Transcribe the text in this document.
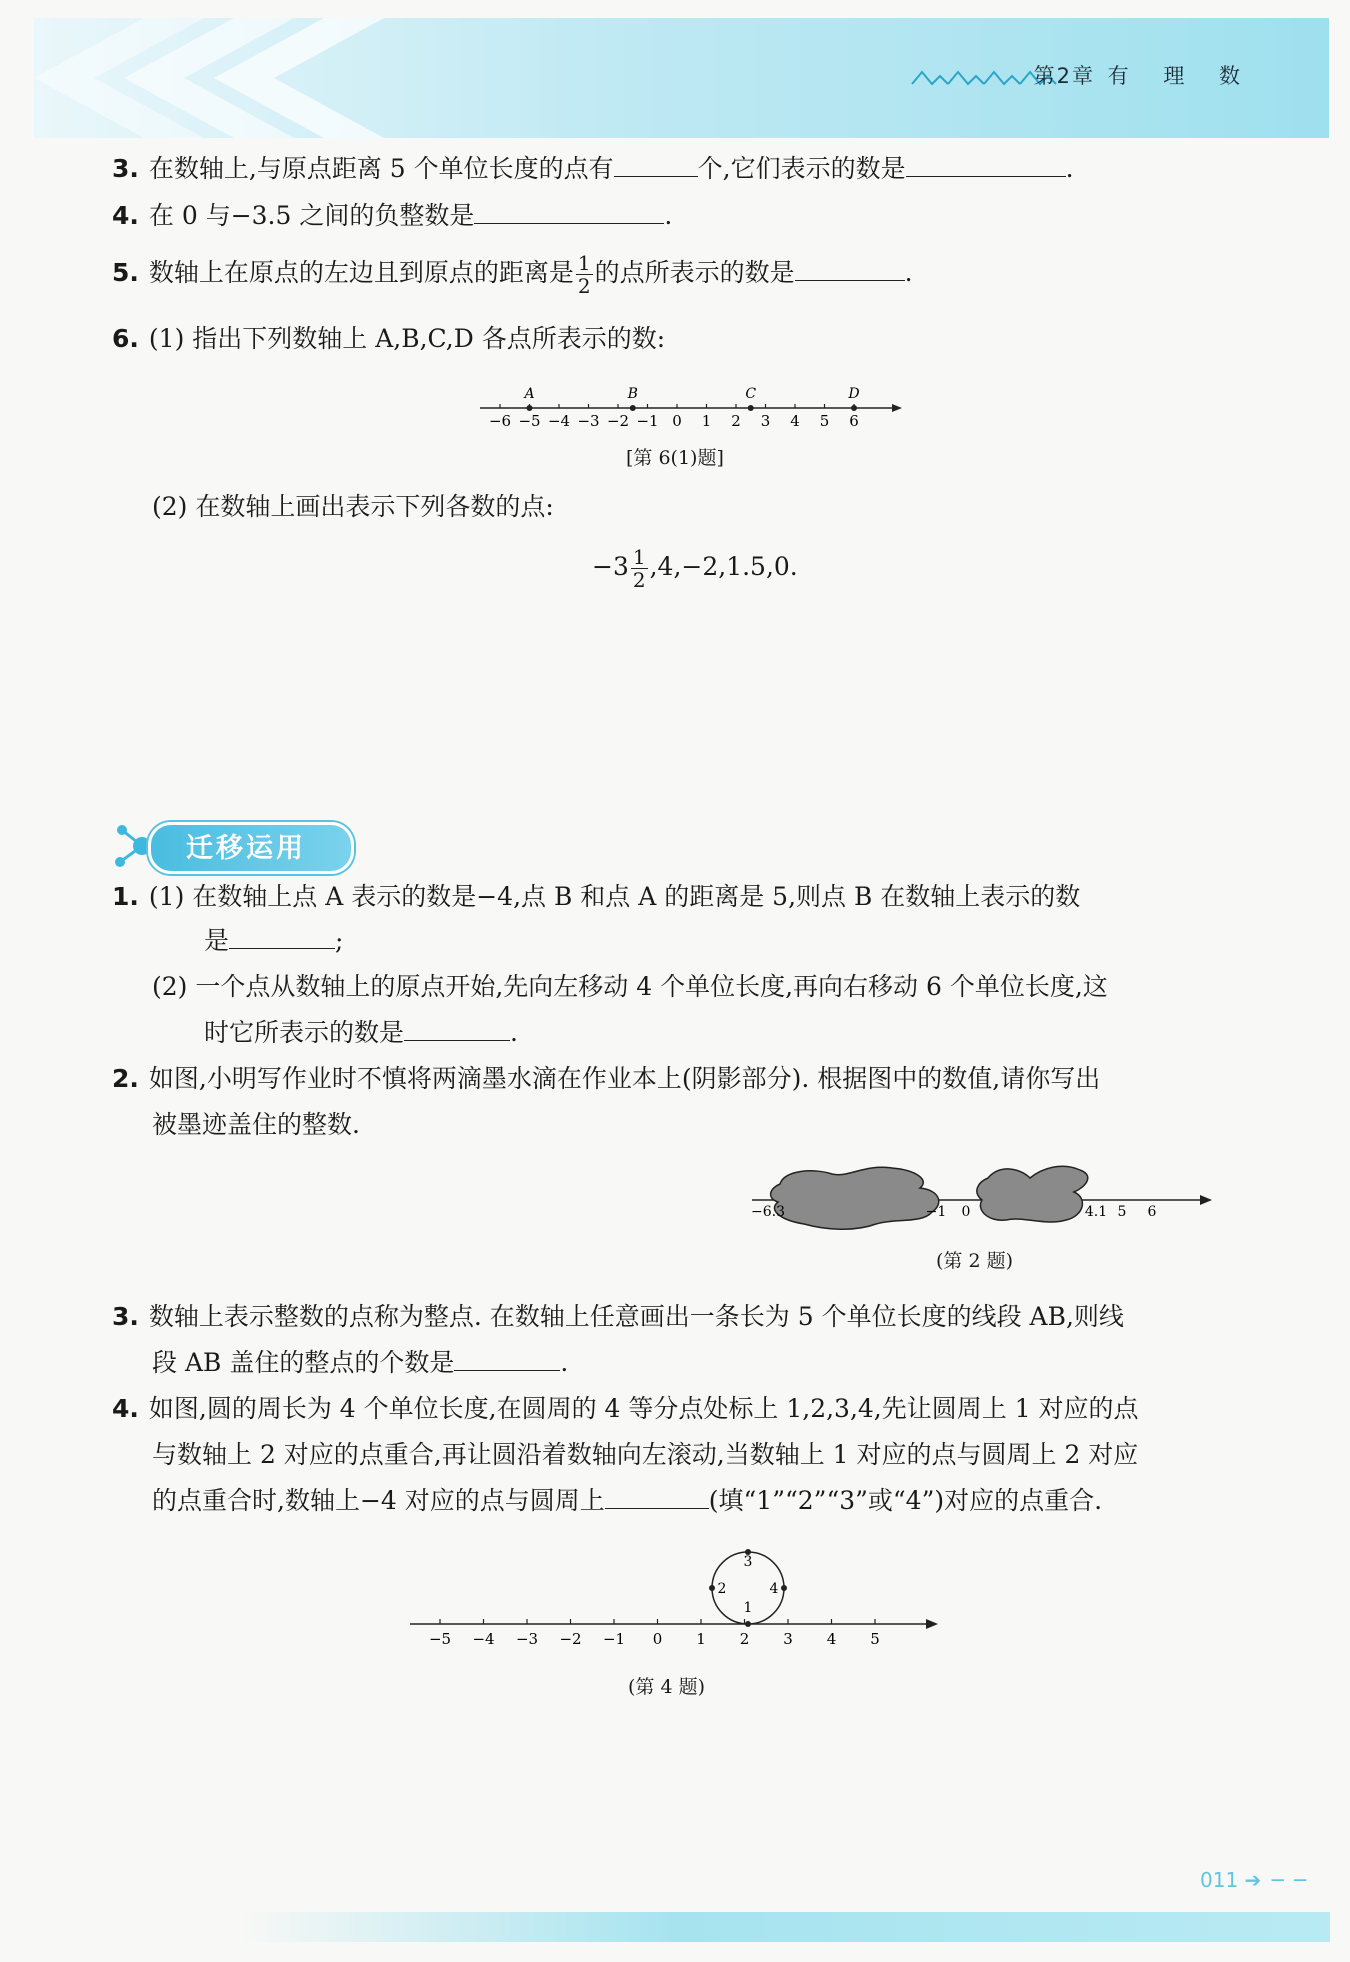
第2章 有 理 数
3. 在数轴上,与原点距离 5 个单位长度的点有	个,它们表示的数是	.
4. 在 0 与−3.5 之间的负整数是	.
5. 数轴上在原点的左边且到原点的距离是 $\frac{1}{2}$ 的点所表示的数是	.
6. (1) 指出下列数轴上 A,B,C,D 各点所表示的数:
−6 −5 −4 −3 −2 −1 0 1 2 3 4 5 6
A	B	C	D
[第 6(1)题]
(2) 在数轴上画出表示下列各数的点:
$-3 \frac{1}{2} ,4,-2,1.5,0$.
迁移运用
1. (1) 在数轴上点 A 表示的数是−4,点 B 和点 A 的距离是 5,则点 B 在数轴上表示的数
是	;
(2) 一个点从数轴上的原点开始,先向左移动 4 个单位长度,再向右移动 6 个单位长度,这
时它所表示的数是	.
2. 如图,小明写作业时不慎将两滴墨水滴在作业本上(阴影部分). 根据图中的数值,请你写出
被墨迹盖住的整数.
−6.3	−1 0	4.1 5 6
(第 2 题)
3. 数轴上表示整数的点称为整点. 在数轴上任意画出一条长为 5 个单位长度的线段 AB,则线
段 AB 盖住的整点的个数是	.
4. 如图,圆的周长为 4 个单位长度,在圆周的 4 等分点处标上 1,2,3,4,先让圆周上 1 对应的点
与数轴上 2 对应的点重合,再让圆沿着数轴向左滚动,当数轴上 1 对应的点与圆周上 2 对应
的点重合时,数轴上−4 对应的点与圆周上	(填“1”“2”“3”或“4”)对应的点重合.
1
2
3
4
−5 −4 −3 −2 −1 0 1 2 3 4 5
(第 4 题)
011 ➔ ─ ─
